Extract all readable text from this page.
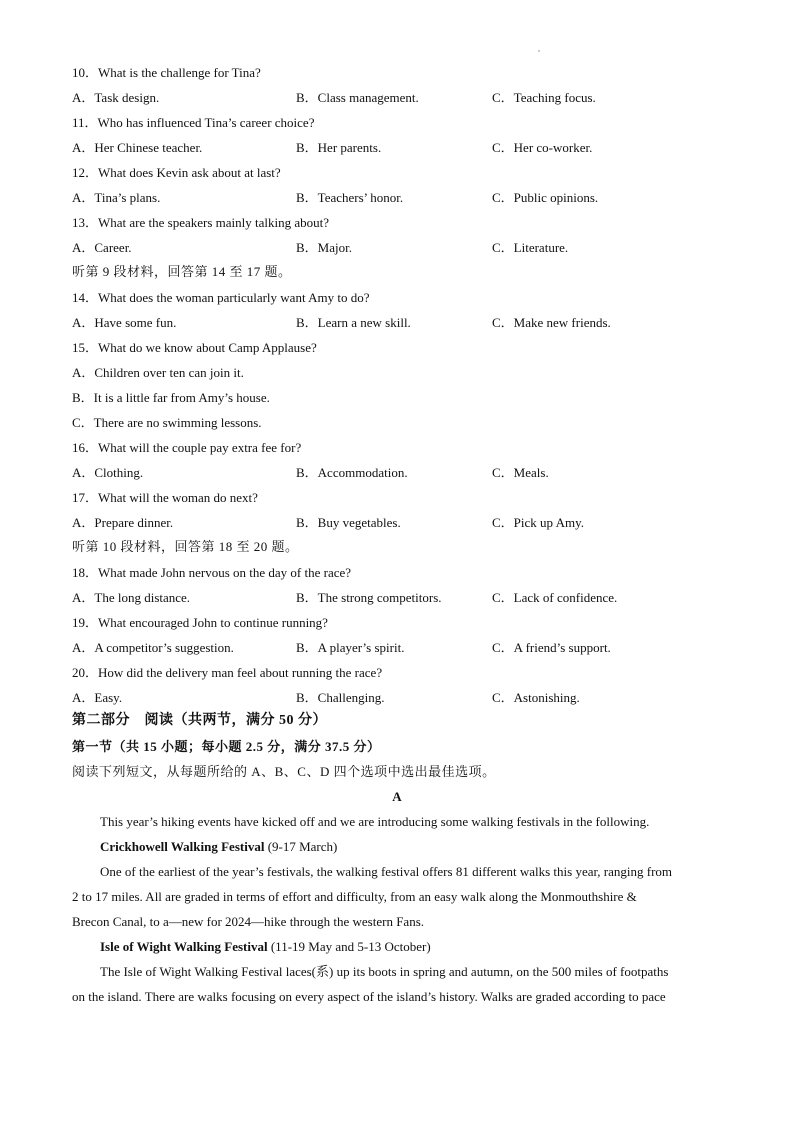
10．What is the challenge for Tina?
A．Task design.	B．Class management.	C．Teaching focus.
11．Who has influenced Tina’s career choice?
A．Her Chinese teacher.	B．Her parents.	C．Her co-worker.
12．What does Kevin ask about at last?
A．Tina’s plans.	B．Teachers’ honor.	C．Public opinions.
13．What are the speakers mainly talking about?
A．Career.	B．Major.	C．Literature.
听第 9 段材料，回答第 14 至 17 题。
14．What does the woman particularly want Amy to do?
A．Have some fun.	B．Learn a new skill.	C．Make new friends.
15．What do we know about Camp Applause?
A．Children over ten can join it.
B．It is a little far from Amy’s house.
C．There are no swimming lessons.
16．What will the couple pay extra fee for?
A．Clothing.	B．Accommodation.	C．Meals.
17．What will the woman do next?
A．Prepare dinner.	B．Buy vegetables.	C．Pick up Amy.
听第 10 段材料，回答第 18 至 20 题。
18．What made John nervous on the day of the race?
A．The long distance.	B．The strong competitors.	C．Lack of confidence.
19．What encouraged John to continue running?
A．A competitor’s suggestion.	B．A player’s spirit.	C．A friend’s support.
20．How did the delivery man feel about running the race?
A．Easy.	B．Challenging.	C．Astonishing.
第二部分　阅读（共两节，满分 50 分）
第一节（共 15 小题；每小题 2.5 分，满分 37.5 分）
阅读下列短文，从每题所给的 A、B、C、D 四个选项中选出最佳选项。
A
This year’s hiking events have kicked off and we are introducing some walking festivals in the following.
Crickhowell Walking Festival (9-17 March)
One of the earliest of the year’s festivals, the walking festival offers 81 different walks this year, ranging from
2 to 17 miles. All are graded in terms of effort and difficulty, from an easy walk along the Monmouthshire &
Brecon Canal, to a—new for 2024—hike through the western Fans.
Isle of Wight Walking Festival (11-19 May and 5-13 October)
The Isle of Wight Walking Festival laces(系) up its boots in spring and autumn, on the 500 miles of footpaths
on the island. There are walks focusing on every aspect of the island’s history. Walks are graded according to pace
